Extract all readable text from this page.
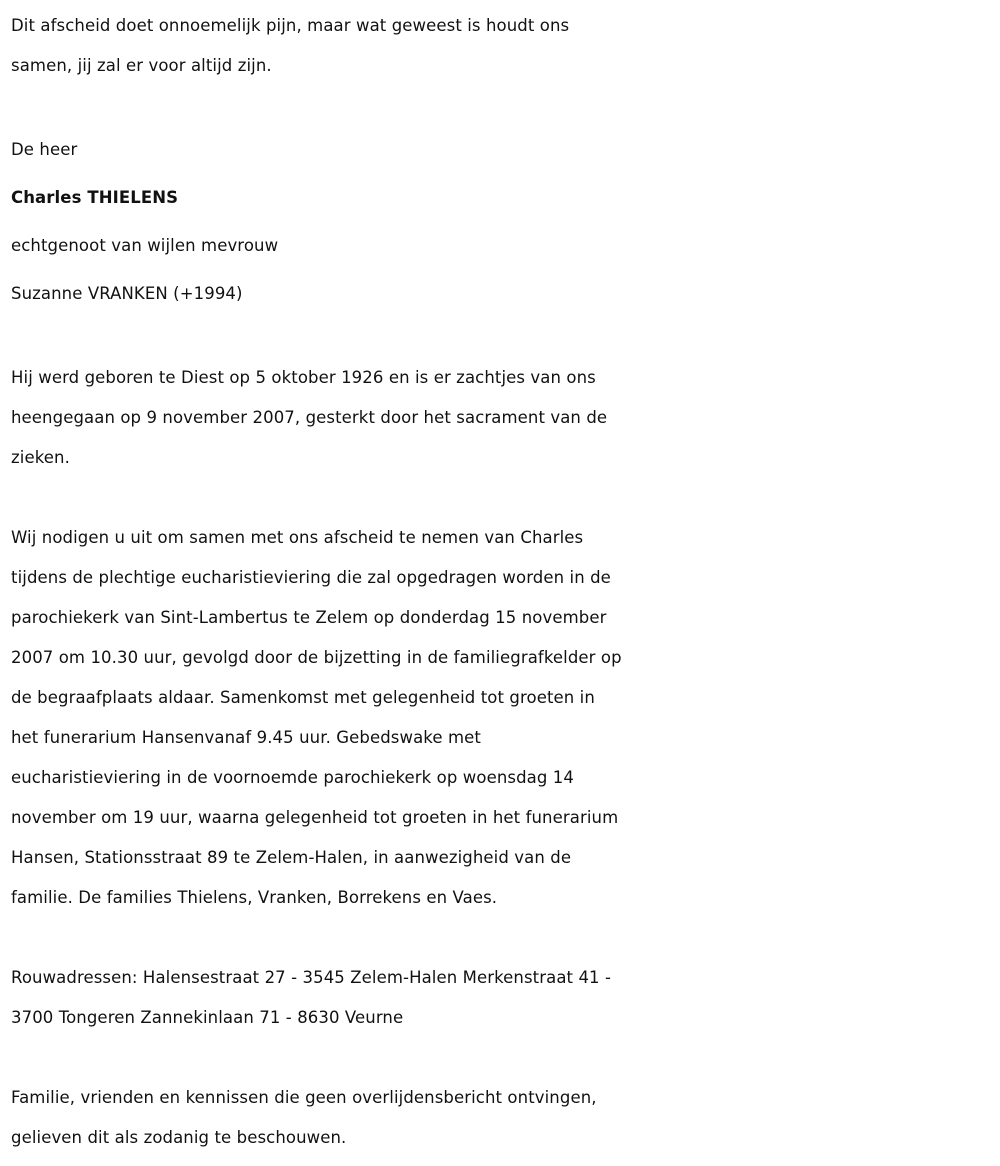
Dit afscheid doet onnoemelijk pijn, maar wat geweest is houdt ons
samen, jij zal er voor altijd zijn.

De heer
Charles THIELENS
echtgenoot van wijlen mevrouw
Suzanne VRANKEN (+1994)

Hij werd geboren te Diest op 5 oktober 1926 en is er zachtjes van ons
heengegaan op 9 november 2007, gesterkt door het sacrament van de
zieken.

Wij nodigen u uit om samen met ons afscheid te nemen van Charles
tijdens de plechtige eucharistieviering die zal opgedragen worden in de
parochiekerk van Sint-Lambertus te Zelem op donderdag 15 november
2007 om 10.30 uur, gevolgd door de bijzetting in de familiegrafkelder op
de begraafplaats aldaar. Samenkomst met gelegenheid tot groeten in
het funerarium Hansenvanaf 9.45 uur. Gebedswake met
eucharistieviering in de voornoemde parochiekerk op woensdag 14
november om 19 uur, waarna gelegenheid tot groeten in het funerarium
Hansen, Stationsstraat 89 te Zelem-Halen, in aanwezigheid van de
familie. De families Thielens, Vranken, Borrekens en Vaes.

Rouwadressen: Halensestraat 27 - 3545 Zelem-Halen Merkenstraat 41 -
3700 Tongeren Zannekinlaan 71 - 8630 Veurne

Familie, vrienden en kennissen die geen overlijdensbericht ontvingen,
gelieven dit als zodanig te beschouwen.
